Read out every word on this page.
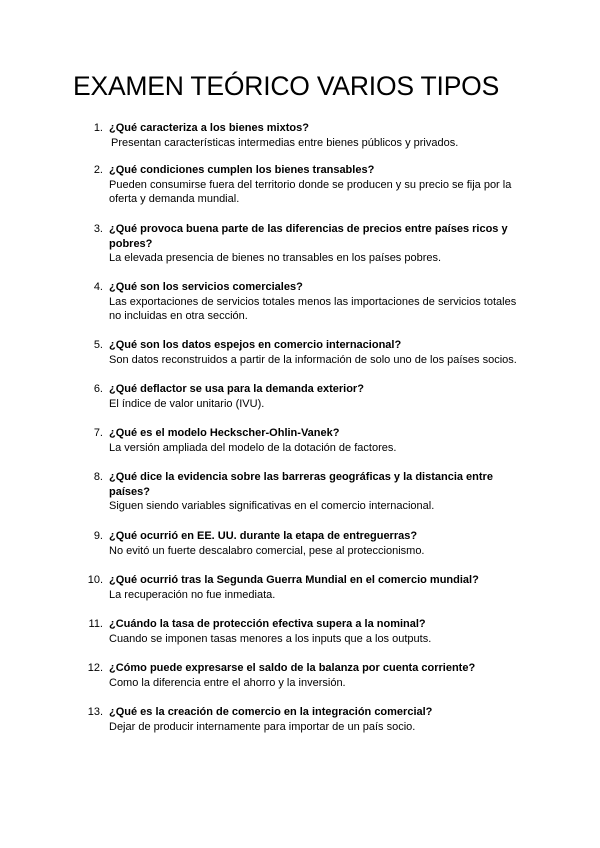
EXAMEN TEÓRICO VARIOS TIPOS
1. ¿Qué caracteriza a los bienes mixtos?
Presentan características intermedias entre bienes públicos y privados.
2. ¿Qué condiciones cumplen los bienes transables?
Pueden consumirse fuera del territorio donde se producen y su precio se fija por la oferta y demanda mundial.
3. ¿Qué provoca buena parte de las diferencias de precios entre países ricos y pobres?
La elevada presencia de bienes no transables en los países pobres.
4. ¿Qué son los servicios comerciales?
Las exportaciones de servicios totales menos las importaciones de servicios totales no incluidas en otra sección.
5. ¿Qué son los datos espejos en comercio internacional?
Son datos reconstruidos a partir de la información de solo uno de los países socios.
6. ¿Qué deflactor se usa para la demanda exterior?
El índice de valor unitario (IVU).
7. ¿Qué es el modelo Heckscher-Ohlin-Vanek?
La versión ampliada del modelo de la dotación de factores.
8. ¿Qué dice la evidencia sobre las barreras geográficas y la distancia entre países?
Siguen siendo variables significativas en el comercio internacional.
9. ¿Qué ocurrió en EE. UU. durante la etapa de entreguerras?
No evitó un fuerte descalabro comercial, pese al proteccionismo.
10. ¿Qué ocurrió tras la Segunda Guerra Mundial en el comercio mundial?
La recuperación no fue inmediata.
11. ¿Cuándo la tasa de protección efectiva supera a la nominal?
Cuando se imponen tasas menores a los inputs que a los outputs.
12. ¿Cómo puede expresarse el saldo de la balanza por cuenta corriente?
Como la diferencia entre el ahorro y la inversión.
13. ¿Qué es la creación de comercio en la integración comercial?
Dejar de producir internamente para importar de un país socio.
